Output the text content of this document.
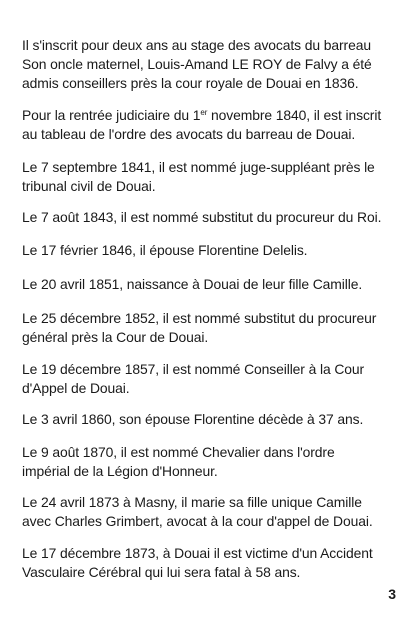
Il s'inscrit pour deux ans au stage des avocats du barreau
Son oncle maternel, Louis-Amand LE ROY de Falvy a été
admis conseillers près la cour royale de Douai en 1836.

Pour la rentrée judiciaire du 1er novembre 1840, il est inscrit
au tableau de l'ordre des avocats du barreau de Douai.

Le 7 septembre 1841, il est nommé juge-suppléant près le
tribunal civil de Douai.

Le 7 août 1843, il est nommé substitut du procureur du Roi.

Le 17 février 1846, il épouse Florentine Delelis.

Le 20 avril 1851, naissance à Douai de leur fille Camille.

Le 25 décembre 1852, il est nommé substitut du procureur
général près la Cour de Douai.

Le 19 décembre 1857, il est nommé Conseiller à la Cour
d'Appel de Douai.

Le 3 avril 1860, son épouse Florentine décède à 37 ans.

Le 9 août 1870, il est nommé Chevalier dans l'ordre
impérial de la Légion d'Honneur.

Le 24 avril 1873 à Masny, il marie sa fille unique Camille
avec Charles Grimbert, avocat à la cour d'appel de Douai.

Le 17 décembre 1873, à Douai il est victime d'un Accident
Vasculaire Cérébral qui lui sera fatal à 58 ans.

3
